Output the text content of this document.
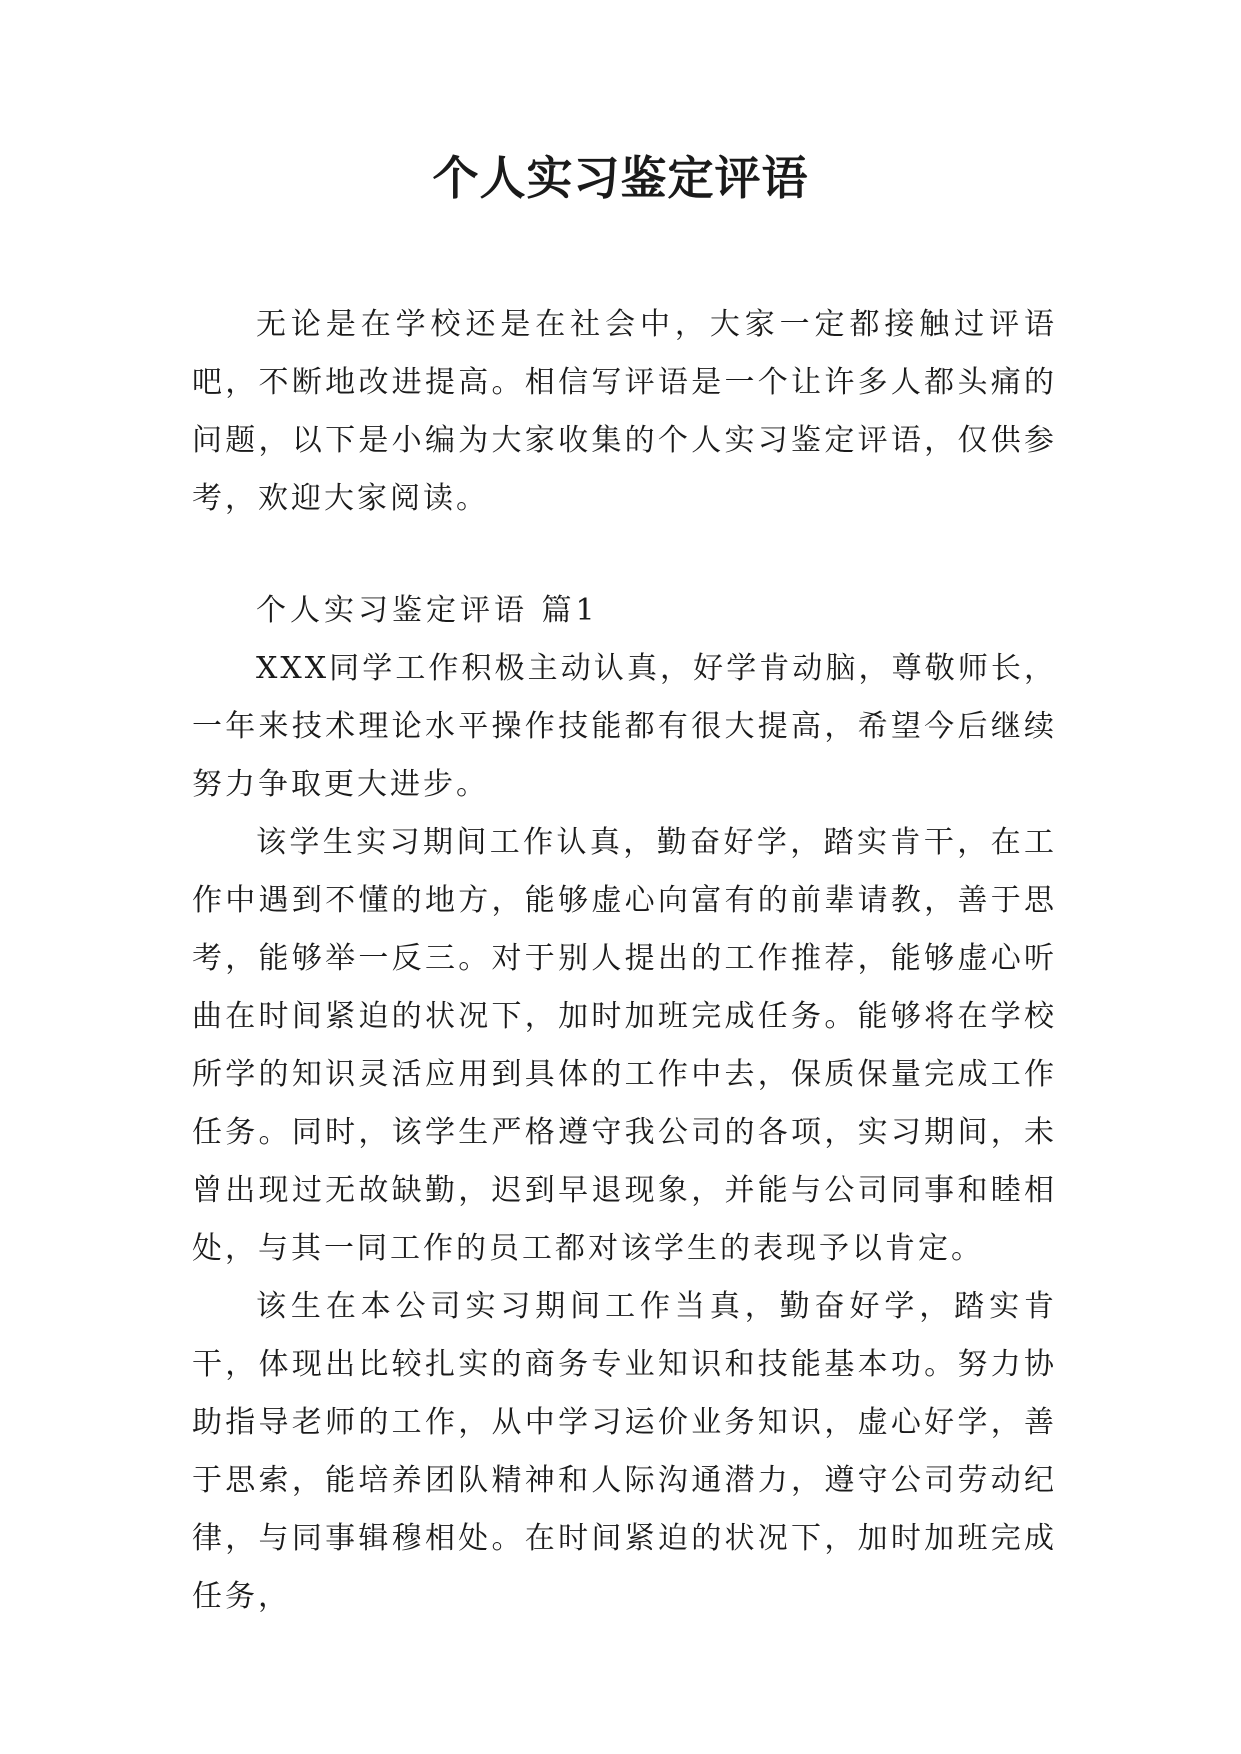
个人实习鉴定评语

无论是在学校还是在社会中，大家一定都接触过评语吧，不断地改进提高。相信写评语是一个让许多人都头痛的问题，以下是小编为大家收集的个人实习鉴定评语，仅供参考，欢迎大家阅读。

个人实习鉴定评语 篇1

XXX同学工作积极主动认真，好学肯动脑，尊敬师长，一年来技术理论水平操作技能都有很大提高，希望今后继续努力争取更大进步。

该学生实习期间工作认真，勤奋好学，踏实肯干，在工作中遇到不懂的地方，能够虚心向富有的前辈请教，善于思考，能够举一反三。对于别人提出的工作推荐，能够虚心听曲在时间紧迫的状况下，加时加班完成任务。能够将在学校所学的知识灵活应用到具体的工作中去，保质保量完成工作任务。同时，该学生严格遵守我公司的各项，实习期间，未曾出现过无故缺勤，迟到早退现象，并能与公司同事和睦相处，与其一同工作的员工都对该学生的表现予以肯定。

该生在本公司实习期间工作当真，勤奋好学，踏实肯干，体现出比较扎实的商务专业知识和技能基本功。努力协助指导老师的工作，从中学习运价业务知识，虚心好学，善于思索，能培养团队精神和人际沟通潜力，遵守公司劳动纪律，与同事辑穆相处。在时间紧迫的状况下，加时加班完成任务，
